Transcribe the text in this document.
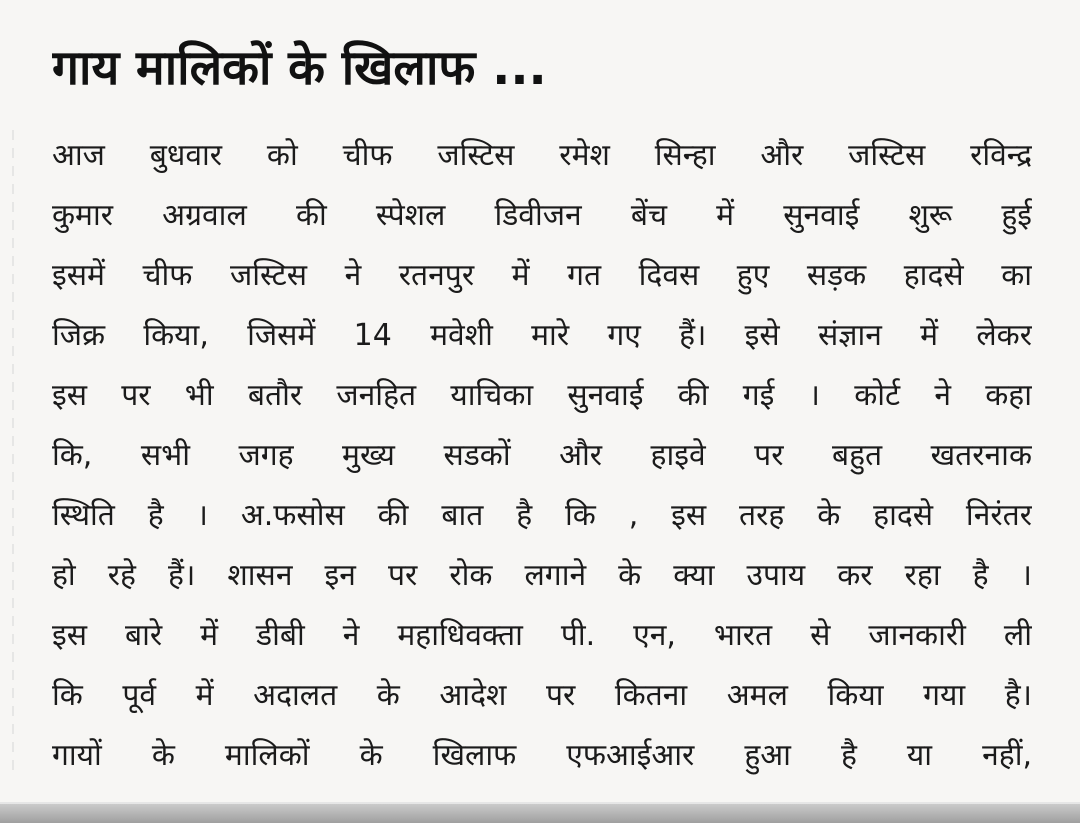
गाय मालिकों के खिलाफ ...
आज बुधवार को चीफ जस्टिस रमेश सिन्हा और जस्टिस रविन्द्र
कुमार अग्रवाल की स्पेशल डिवीजन बेंच में सुनवाई शुरू हुई
इसमें चीफ जस्टिस ने रतनपुर में गत दिवस हुए सड़क हादसे का
जिक्र किया, जिसमें 14 मवेशी मारे गए हैं। इसे संज्ञान में लेकर
इस पर भी बतौर जनहित याचिका सुनवाई की गई । कोर्ट ने कहा
कि, सभी जगह मुख्य सडकों और हाइवे पर बहुत खतरनाक
स्थिति है । अ.फसोस की बात है कि , इस तरह के हादसे निरंतर
हो रहे हैं। शासन इन पर रोक लगाने के क्या उपाय कर रहा है ।
इस बारे में डीबी ने महाधिवक्ता पी. एन, भारत से जानकारी ली
कि पूर्व में अदालत के आदेश पर कितना अमल किया गया है।
गायों के मालिकों के खिलाफ एफआईआर हुआ है या नहीं,
